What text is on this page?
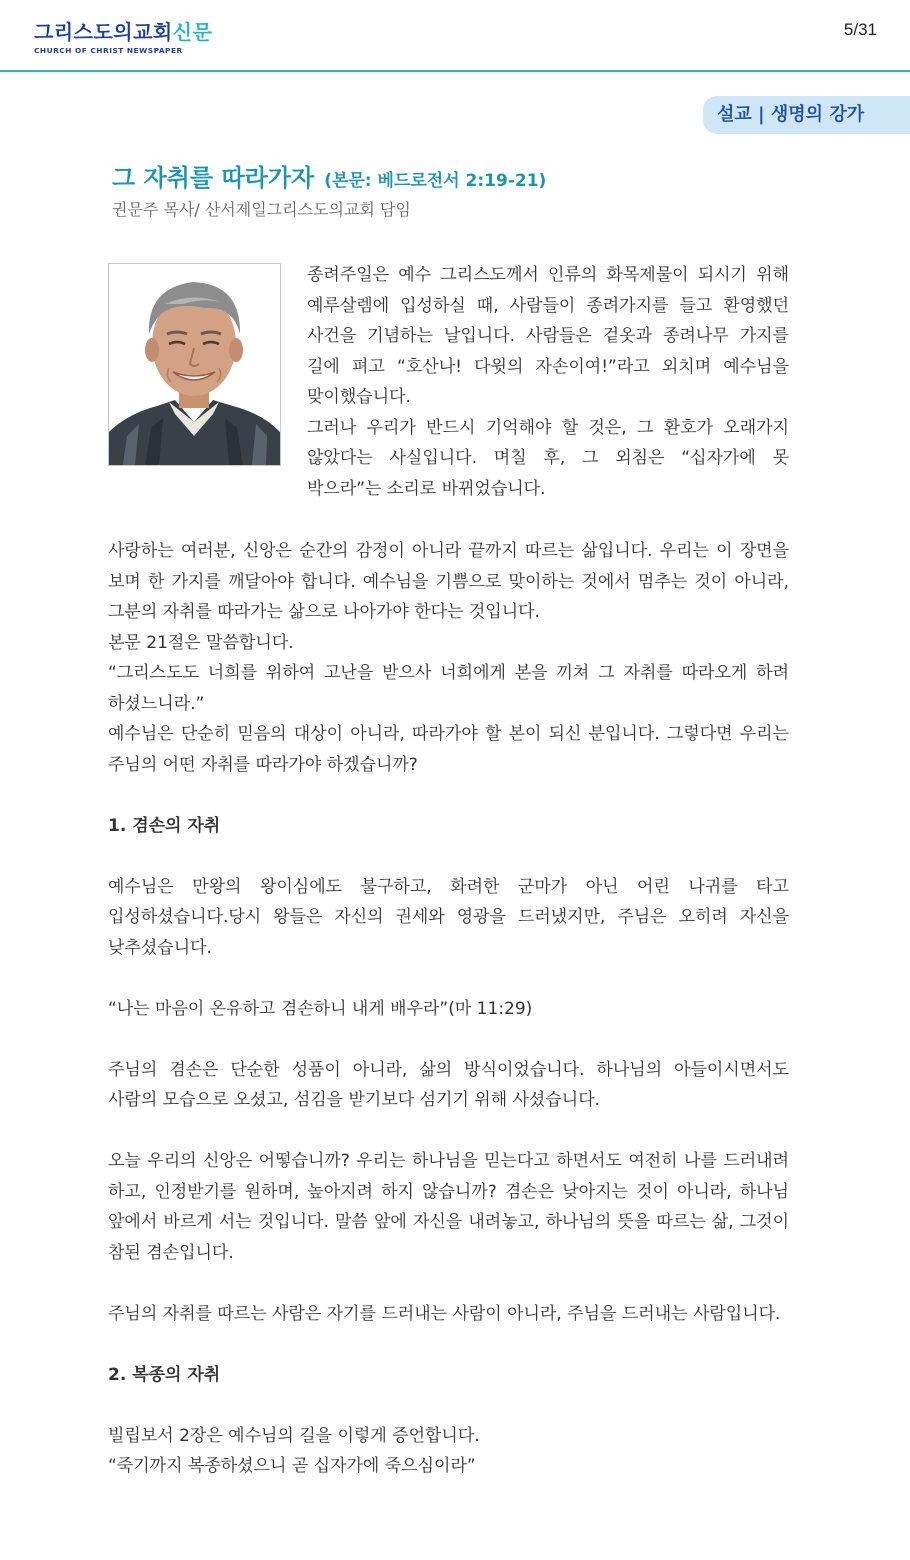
그리스도의교회신문
CHURCH OF CHRIST NEWSPAPER
5/31
설교 | 생명의 강가
그 자취를 따라가자 (본문: 베드로전서 2:19-21)
권문주 목사/ 산서제일그리스도의교회 담임

종려주일은 예수 그리스도께서 인류의 화목제물이 되시기 위해 예루살렘에 입성하실 때, 사람들이 종려가지를 들고 환영했던 사건을 기념하는 날입니다. 사람들은 겉옷과 종려나무 가지를 길에 펴고 “호산나! 다윗의 자손이여!”라고 외치며 예수님을 맞이했습니다.

그러나 우리가 반드시 기억해야 할 것은, 그 환호가 오래가지 않았다는 사실입니다. 며칠 후, 그 외침은 “십자가에 못 박으라”는 소리로 바뀌었습니다.

사랑하는 여러분, 신앙은 순간의 감정이 아니라 끝까지 따르는 삶입니다. 우리는 이 장면을 보며 한 가지를 깨달아야 합니다. 예수님을 기쁨으로 맞이하는 것에서 멈추는 것이 아니라, 그분의 자취를 따라가는 삶으로 나아가야 한다는 것입니다.

본문 21절은 말씀합니다.

“그리스도도 너희를 위하여 고난을 받으사 너희에게 본을 끼쳐 그 자취를 따라오게 하려 하셨느니라.”

예수님은 단순히 믿음의 대상이 아니라, 따라가야 할 본이 되신 분입니다. 그렇다면 우리는 주님의 어떤 자취를 따라가야 하겠습니까?

1. 겸손의 자취

예수님은 만왕의 왕이심에도 불구하고, 화려한 군마가 아닌 어린 나귀를 타고 입성하셨습니다.당시 왕들은 자신의 권세와 영광을 드러냈지만, 주님은 오히려 자신을 낮추셨습니다.

“나는 마음이 온유하고 겸손하니 내게 배우라”(마 11:29)

주님의 겸손은 단순한 성품이 아니라, 삶의 방식이었습니다. 하나님의 아들이시면서도 사람의 모습으로 오셨고, 섬김을 받기보다 섬기기 위해 사셨습니다.

오늘 우리의 신앙은 어떻습니까? 우리는 하나님을 믿는다고 하면서도 여전히 나를 드러내려 하고, 인정받기를 원하며, 높아지려 하지 않습니까? 겸손은 낮아지는 것이 아니라, 하나님 앞에서 바르게 서는 것입니다. 말씀 앞에 자신을 내려놓고, 하나님의 뜻을 따르는 삶, 그것이 참된 겸손입니다.

주님의 자취를 따르는 사람은 자기를 드러내는 사람이 아니라, 주님을 드러내는 사람입니다.

2. 복종의 자취

빌립보서 2장은 예수님의 길을 이렇게 증언합니다.

“죽기까지 복종하셨으니 곧 십자가에 죽으심이라”
